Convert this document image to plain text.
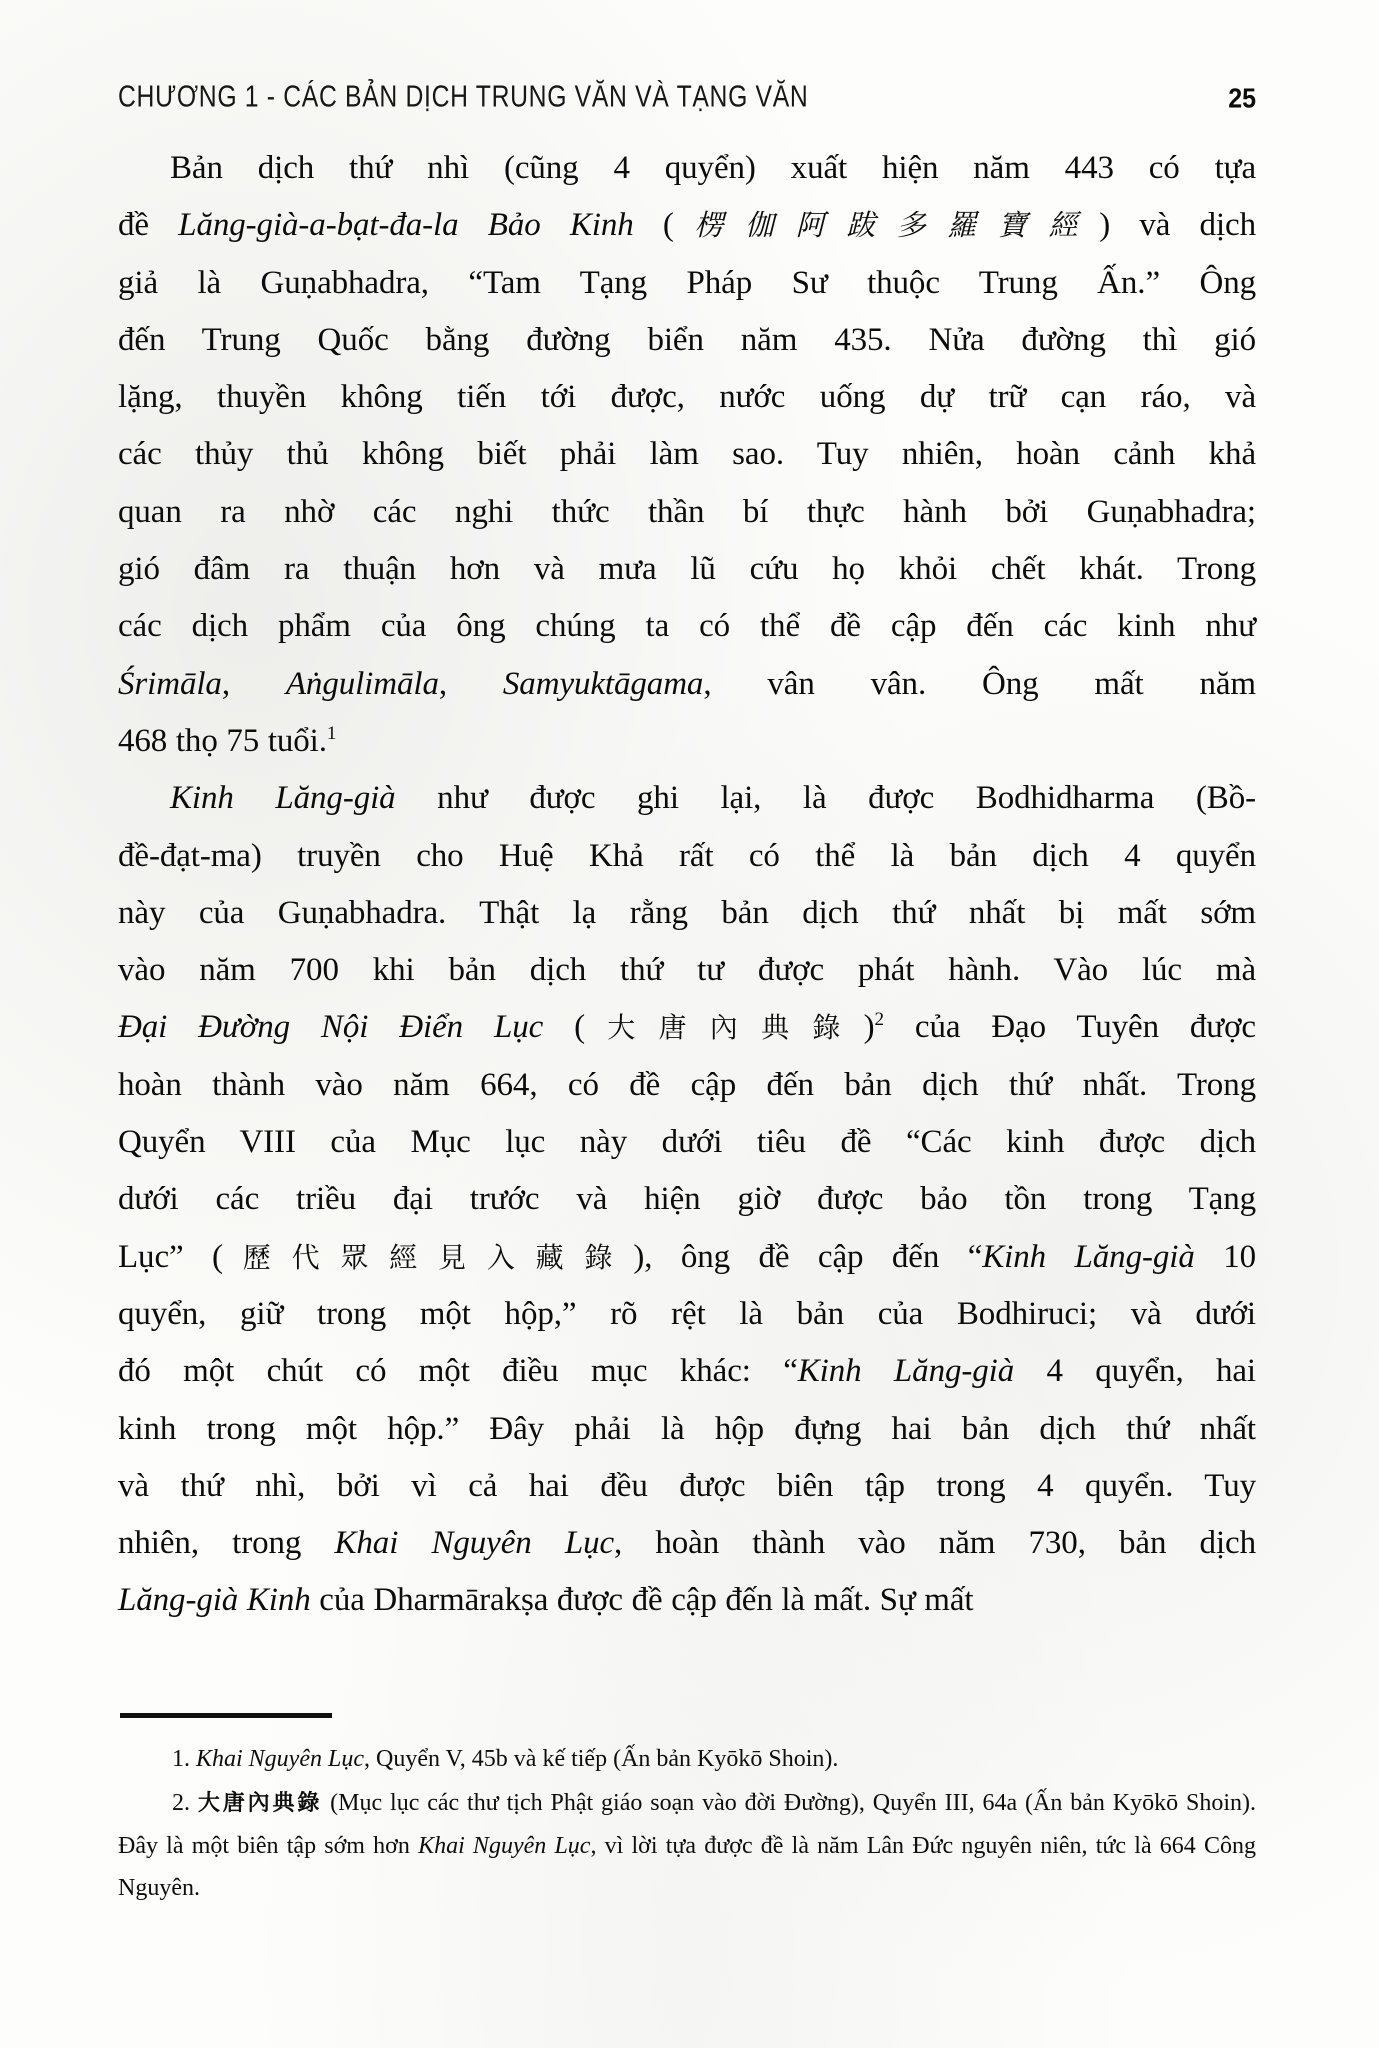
CHƯƠNG 1 - CÁC BẢN DỊCH TRUNG VĂN VÀ TẠNG VĂN	25

Bản dịch thứ nhì (cũng 4 quyển) xuất hiện năm 443 có tựa
đề Lăng-già-a-bạt-đa-la Bảo Kinh (楞伽阿跋多羅寶經) và dịch
giả là Guṇabhadra, “Tam Tạng Pháp Sư thuộc Trung Ấn.” Ông
đến Trung Quốc bằng đường biển năm 435. Nửa đường thì gió
lặng, thuyền không tiến tới được, nước uống dự trữ cạn ráo, và
các thủy thủ không biết phải làm sao. Tuy nhiên, hoàn cảnh khả
quan ra nhờ các nghi thức thần bí thực hành bởi Guṇabhadra;
gió đâm ra thuận hơn và mưa lũ cứu họ khỏi chết khát. Trong
các dịch phẩm của ông chúng ta có thể đề cập đến các kinh như
Śrimāla, Aṅgulimāla, Samyuktāgama, vân vân. Ông mất năm
468 thọ 75 tuổi.$^1$

Kinh Lăng-già như được ghi lại, là được Bodhidharma (Bồ-
đề-đạt-ma) truyền cho Huệ Khả rất có thể là bản dịch 4 quyển
này của Guṇabhadra. Thật lạ rằng bản dịch thứ nhất bị mất sớm
vào năm 700 khi bản dịch thứ tư được phát hành. Vào lúc mà
Đại Đường Nội Điển Lục (大唐內典錄)$^2$ của Đạo Tuyên được
hoàn thành vào năm 664, có đề cập đến bản dịch thứ nhất. Trong
Quyển VIII của Mục lục này dưới tiêu đề “Các kinh được dịch
dưới các triều đại trước và hiện giờ được bảo tồn trong Tạng
Lục” (歷代眾經見入藏錄), ông đề cập đến “Kinh Lăng-già 10
quyển, giữ trong một hộp,” rõ rệt là bản của Bodhiruci; và dưới
đó một chút có một điều mục khác: “Kinh Lăng-già 4 quyển, hai
kinh trong một hộp.” Đây phải là hộp đựng hai bản dịch thứ nhất
và thứ nhì, bởi vì cả hai đều được biên tập trong 4 quyển. Tuy
nhiên, trong Khai Nguyên Lục, hoàn thành vào năm 730, bản dịch
Lăng-già Kinh của Dharmārakṣa được đề cập đến là mất. Sự mất

1. Khai Nguyên Lục, Quyển V, 45b và kế tiếp (Ấn bản Kyōkō Shoin).

2. 大唐內典錄 (Mục lục các thư tịch Phật giáo soạn vào đời Đường), Quyển III, 64a (Ấn bản Kyōkō Shoin). Đây là một biên tập sớm hơn Khai Nguyên Lục, vì lời tựa được đề là năm Lân Đức nguyên niên, tức là 664 Công Nguyên.
